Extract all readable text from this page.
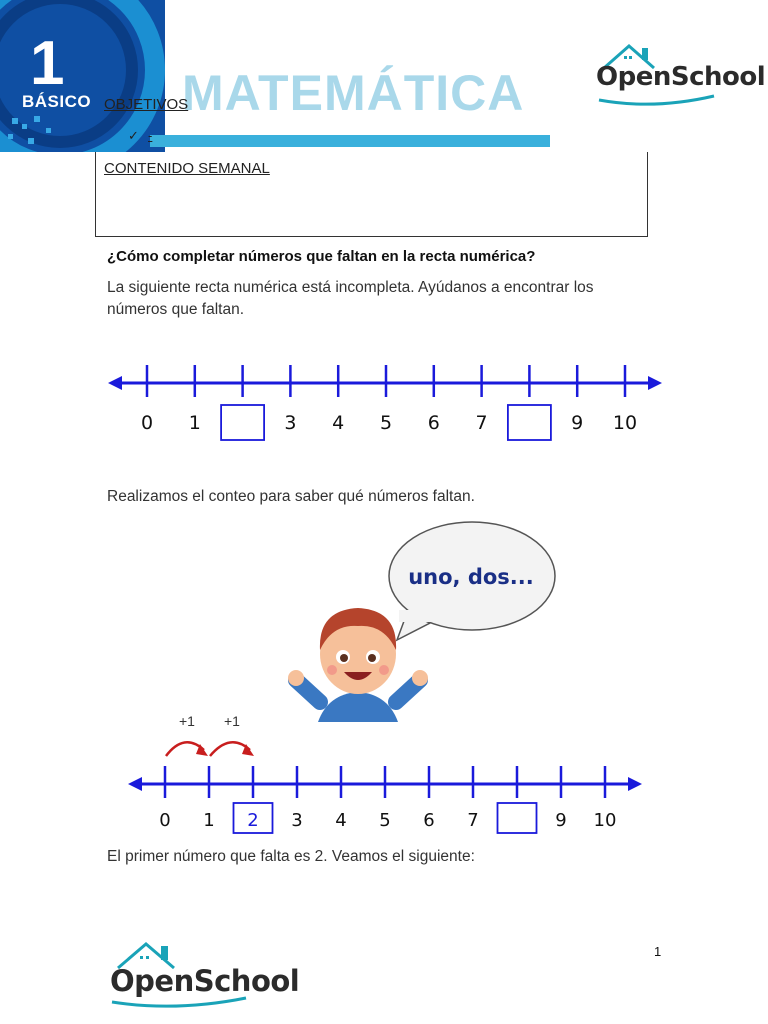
1
BÁSICO MATEMÁTICA	OpenSchool
OBJETIVOS
✓ -
CONTENIDO SEMANAL
¿Cómo completar números que faltan en la recta numérica?
La siguiente recta numérica está incompleta. Ayúdanos a encontrar los
números que faltan.
0 1	3 4 5 6 7	9 10
Realizamos el conteo para saber qué números faltan.
uno, dos...
+1 +1
0 1 2 3 4 5 6 7	9 10
El primer número que falta es 2. Veamos el siguiente:
OpenSchool
1
